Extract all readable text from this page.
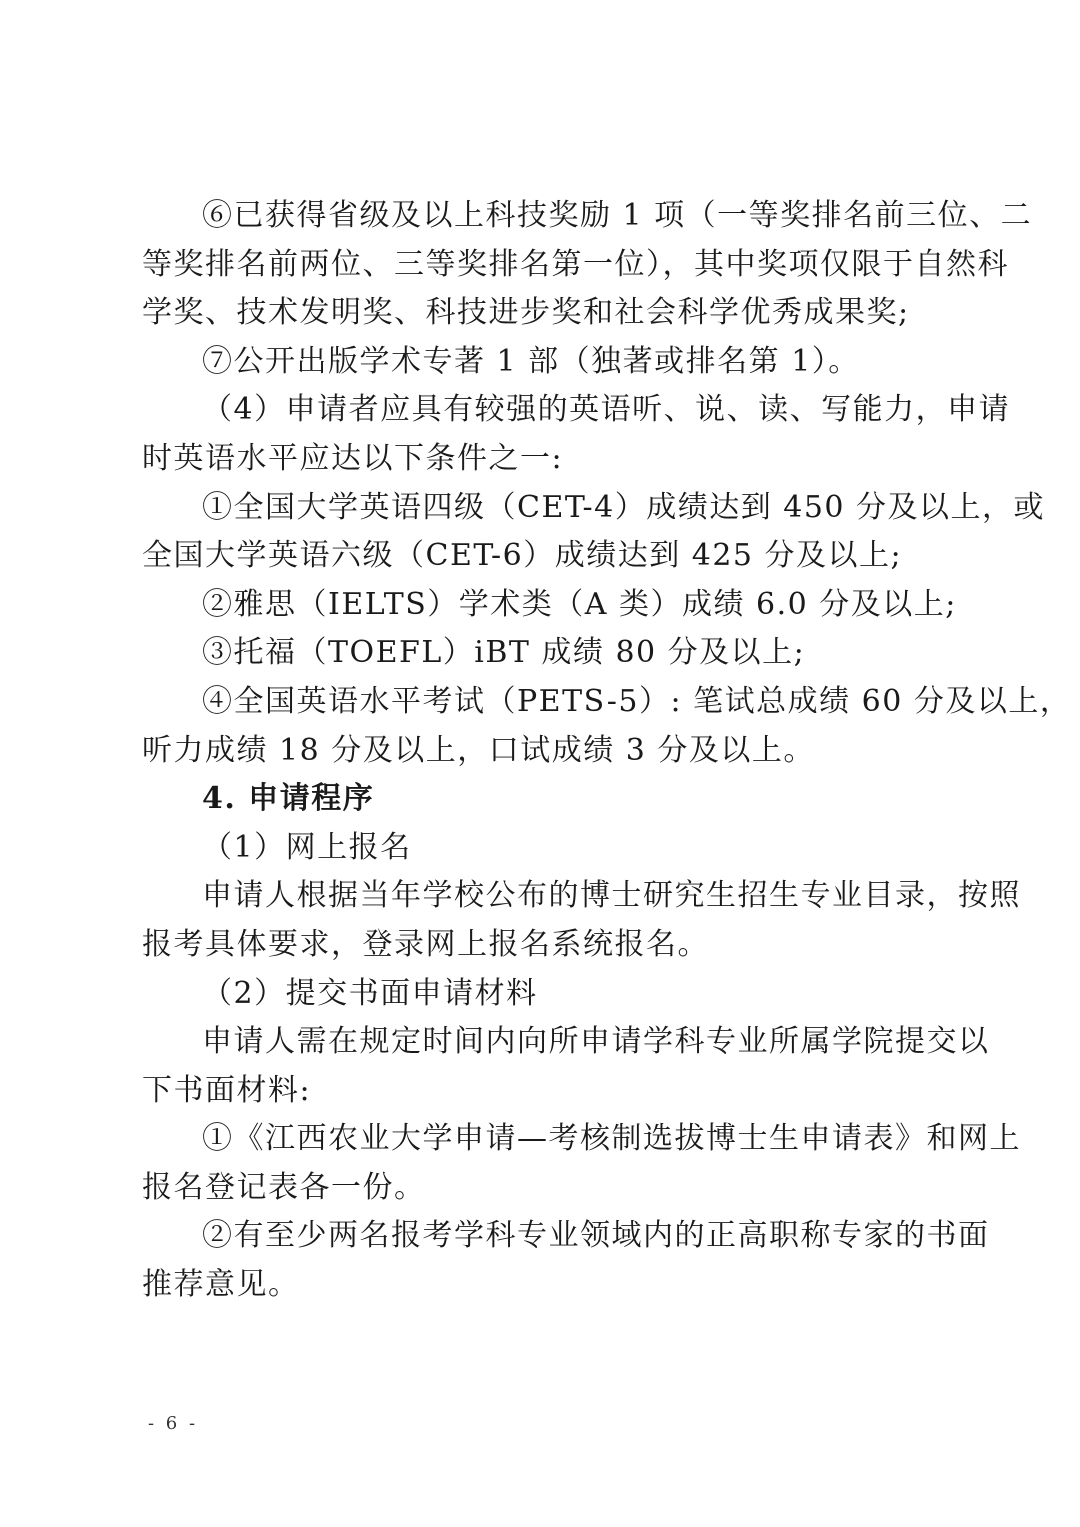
⑥已获得省级及以上科技奖励 1 项（一等奖排名前三位、二
等奖排名前两位、三等奖排名第一位），其中奖项仅限于自然科
学奖、技术发明奖、科技进步奖和社会科学优秀成果奖;
⑦公开出版学术专著 1 部（独著或排名第 1）。
（4）申请者应具有较强的英语听、说、读、写能力，申请
时英语水平应达以下条件之一:
①全国大学英语四级（CET-4）成绩达到 450 分及以上，或
全国大学英语六级（CET-6）成绩达到 425 分及以上;
②雅思（IELTS）学术类（A 类）成绩 6.0 分及以上;
③托福（TOEFL）iBT 成绩 80 分及以上;
④全国英语水平考试（PETS-5）: 笔试总成绩 60 分及以上，
听力成绩 18 分及以上，口试成绩 3 分及以上。
4. 申请程序
（1）网上报名
申请人根据当年学校公布的博士研究生招生专业目录，按照
报考具体要求，登录网上报名系统报名。
（2）提交书面申请材料
申请人需在规定时间内向所申请学科专业所属学院提交以
下书面材料:
①《江西农业大学申请—考核制选拔博士生申请表》和网上
报名登记表各一份。
②有至少两名报考学科专业领域内的正高职称专家的书面
推荐意见。
- 6 -
